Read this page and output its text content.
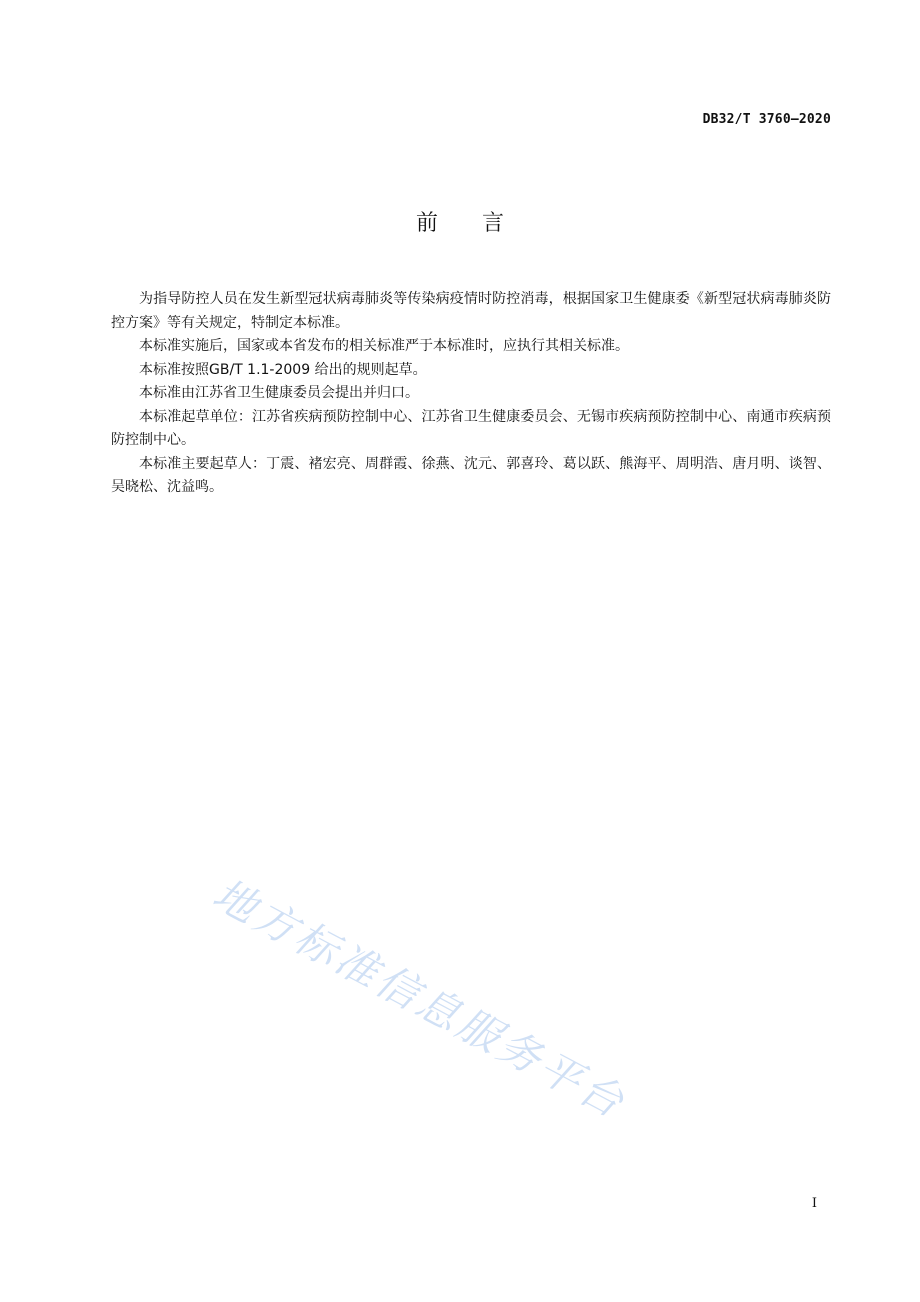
DB32/T 3760—2020
前　　言

为指导防控人员在发生新型冠状病毒肺炎等传染病疫情时防控消毒，根据国家卫生健康委《新型冠状病毒肺炎防控方案》等有关规定，特制定本标准。

本标准实施后，国家或本省发布的相关标准严于本标准时，应执行其相关标准。

本标准按照GB/T 1.1-2009 给出的规则起草。

本标准由江苏省卫生健康委员会提出并归口。

本标准起草单位：江苏省疾病预防控制中心、江苏省卫生健康委员会、无锡市疾病预防控制中心、南通市疾病预防控制中心。

本标准主要起草人：丁震、褚宏亮、周群霞、徐燕、沈元、郭喜玲、葛以跃、熊海平、周明浩、唐月明、谈智、吴晓松、沈益鸣。

地方标准信息服务平台
I
